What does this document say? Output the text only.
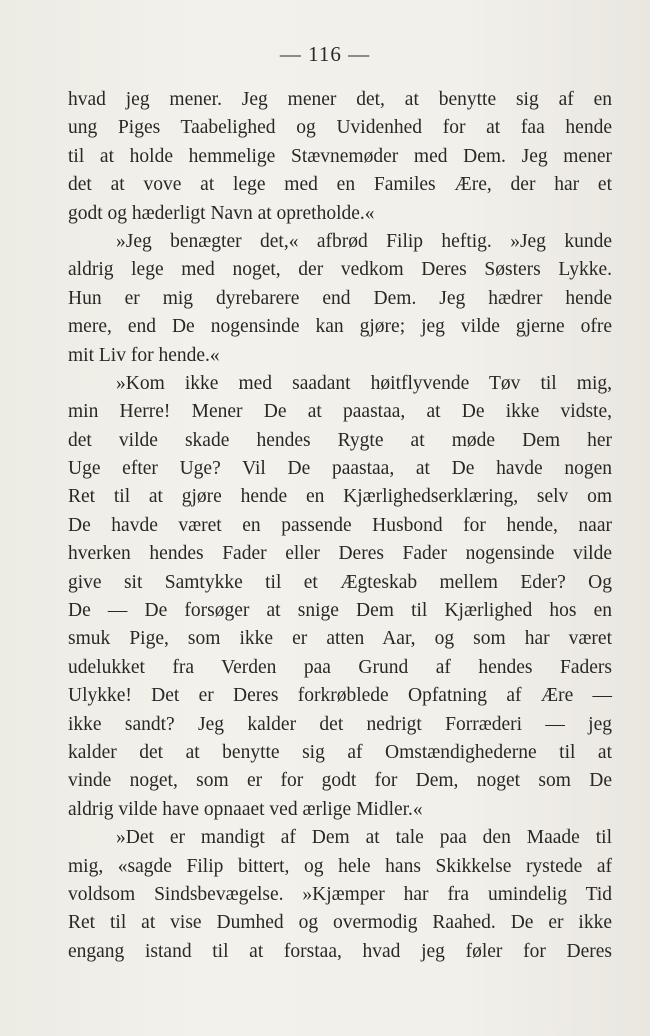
— 116 —
hvad jeg mener. Jeg mener det, at benytte sig af en
ung Piges Taabelighed og Uvidenhed for at faa hende
til at holde hemmelige Stævnemøder med Dem. Jeg mener
det at vove at lege med en Familes Ære, der har et
godt og hæderligt Navn at opretholde.«
»Jeg benægter det,« afbrød Filip heftig. »Jeg kunde
aldrig lege med noget, der vedkom Deres Søsters Lykke.
Hun er mig dyrebarere end Dem. Jeg hædrer hende
mere, end De nogensinde kan gjøre; jeg vilde gjerne ofre
mit Liv for hende.«
»Kom ikke med saadant høitflyvende Tøv til mig,
min Herre! Mener De at paastaa, at De ikke vidste,
det vilde skade hendes Rygte at møde Dem her
Uge efter Uge? Vil De paastaa, at De havde nogen
Ret til at gjøre hende en Kjærlighedserklæring, selv om
De havde været en passende Husbond for hende, naar
hverken hendes Fader eller Deres Fader nogensinde vilde
give sit Samtykke til et Ægteskab mellem Eder? Og
De — De forsøger at snige Dem til Kjærlighed hos en
smuk Pige, som ikke er atten Aar, og som har været
udelukket fra Verden paa Grund af hendes Faders
Ulykke! Det er Deres forkrøblede Opfatning af Ære —
ikke sandt? Jeg kalder det nedrigt Forræderi — jeg
kalder det at benytte sig af Omstændighederne til at
vinde noget, som er for godt for Dem, noget som De
aldrig vilde have opnaaet ved ærlige Midler.«
»Det er mandigt af Dem at tale paa den Maade til
mig, «sagde Filip bittert, og hele hans Skikkelse rystede af
voldsom Sindsbevægelse. »Kjæmper har fra umindelig Tid
Ret til at vise Dumhed og overmodig Raahed. De er ikke
engang istand til at forstaa, hvad jeg føler for Deres
